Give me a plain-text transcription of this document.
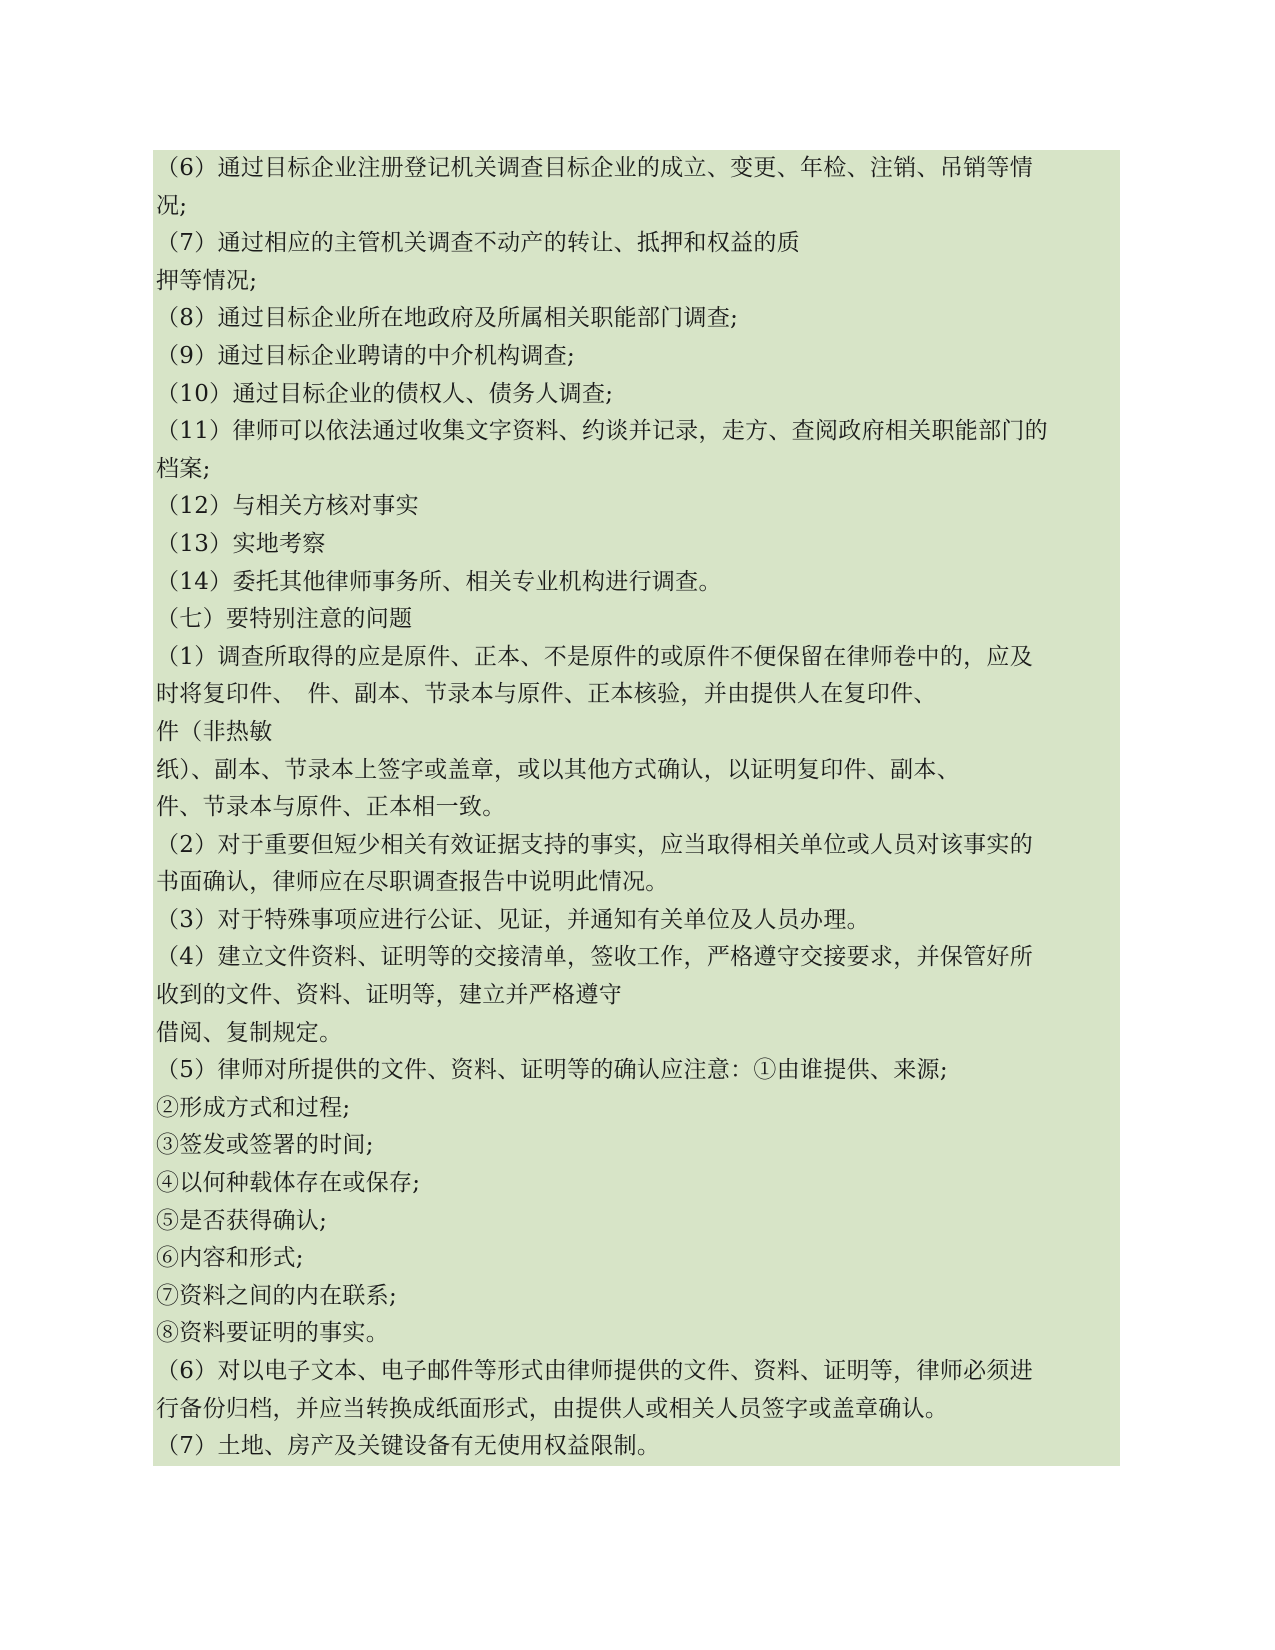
（6）通过目标企业注册登记机关调查目标企业的成立、变更、年检、注销、吊销等情
况;
（7）通过相应的主管机关调查不动产的转让、抵押和权益的质
押等情况;
（8）通过目标企业所在地政府及所属相关职能部门调查;
（9）通过目标企业聘请的中介机构调查;
（10）通过目标企业的债权人、债务人调查;
（11）律师可以依法通过收集文字资料、约谈并记录，走方、查阅政府相关职能部门的
档案;
（12）与相关方核对事实
（13）实地考察
（14）委托其他律师事务所、相关专业机构进行调查。
（七）要特别注意的问题
（1）调查所取得的应是原件、正本、不是原件的或原件不便保留在律师卷中的，应及
时将复印件、　件、副本、节录本与原件、正本核验，并由提供人在复印件、
件（非热敏
纸）、副本、节录本上签字或盖章，或以其他方式确认，以证明复印件、副本、
件、节录本与原件、正本相一致。
（2）对于重要但短少相关有效证据支持的事实，应当取得相关单位或人员对该事实的
书面确认，律师应在尽职调查报告中说明此情况。
（3）对于特殊事项应进行公证、见证，并通知有关单位及人员办理。
（4）建立文件资料、证明等的交接清单，签收工作，严格遵守交接要求，并保管好所
收到的文件、资料、证明等，建立并严格遵守
借阅、复制规定。
（5）律师对所提供的文件、资料、证明等的确认应注意：①由谁提供、来源;
②形成方式和过程;
③签发或签署的时间;
④以何种载体存在或保存;
⑤是否获得确认;
⑥内容和形式;
⑦资料之间的内在联系;
⑧资料要证明的事实。
（6）对以电子文本、电子邮件等形式由律师提供的文件、资料、证明等，律师必须进
行备份归档，并应当转换成纸面形式，由提供人或相关人员签字或盖章确认。
（7）土地、房产及关键设备有无使用权益限制。
